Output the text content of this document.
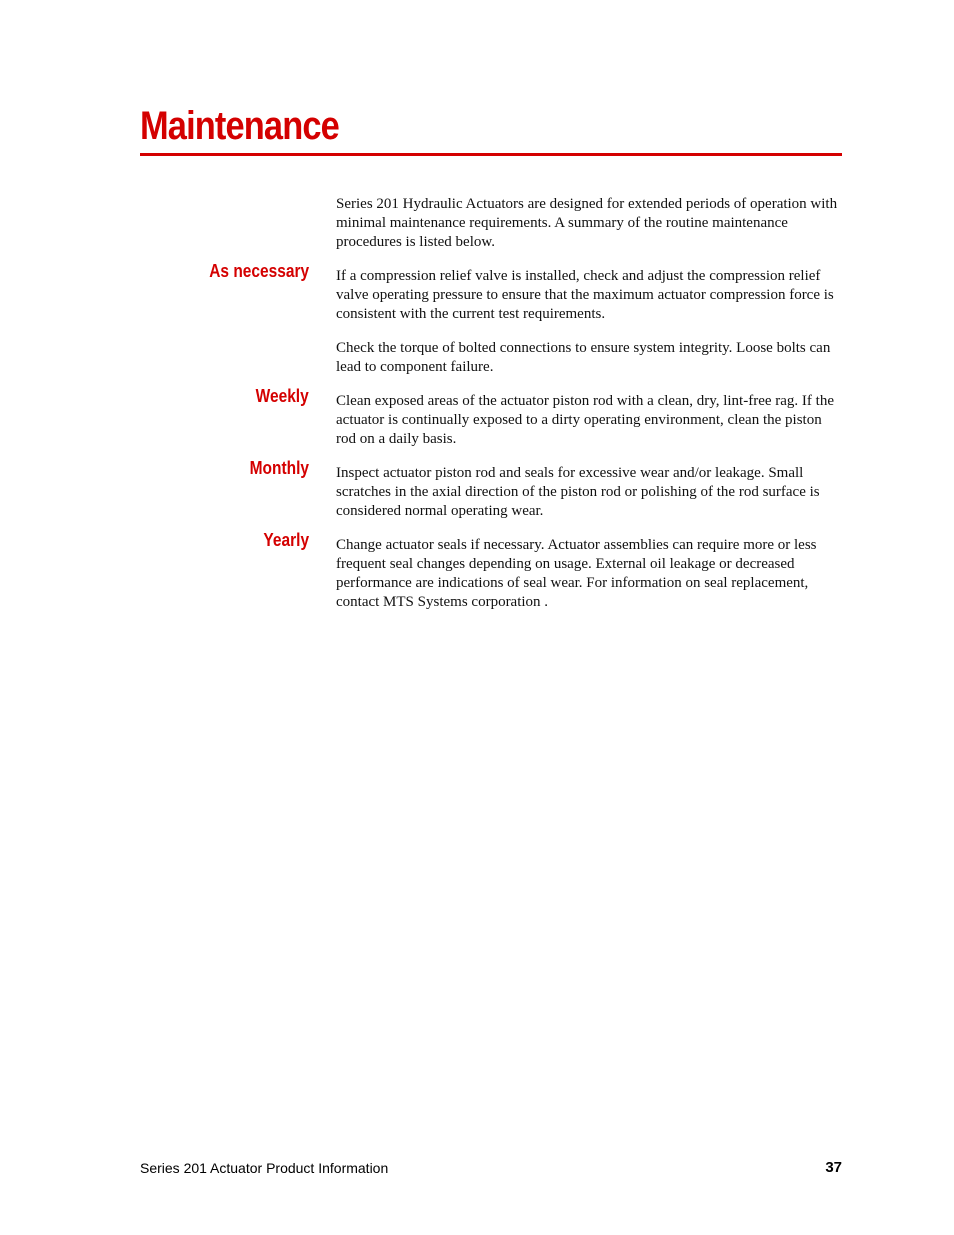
Maintenance

Series 201 Hydraulic Actuators are designed for extended periods of operation with minimal maintenance requirements. A summary of the routine maintenance procedures is listed below.

As necessary If a compression relief valve is installed, check and adjust the compression relief valve operating pressure to ensure that the maximum actuator compression force is consistent with the current test requirements.

Check the torque of bolted connections to ensure system integrity. Loose bolts can lead to component failure.

Weekly Clean exposed areas of the actuator piston rod with a clean, dry, lint-free rag. If the actuator is continually exposed to a dirty operating environment, clean the piston rod on a daily basis.

Monthly Inspect actuator piston rod and seals for excessive wear and/or leakage. Small scratches in the axial direction of the piston rod or polishing of the rod surface is considered normal operating wear.

Yearly Change actuator seals if necessary. Actuator assemblies can require more or less frequent seal changes depending on usage. External oil leakage or decreased performance are indications of seal wear. For information on seal replacement, contact MTS Systems corporation .

Series 201 Actuator Product Information	37
